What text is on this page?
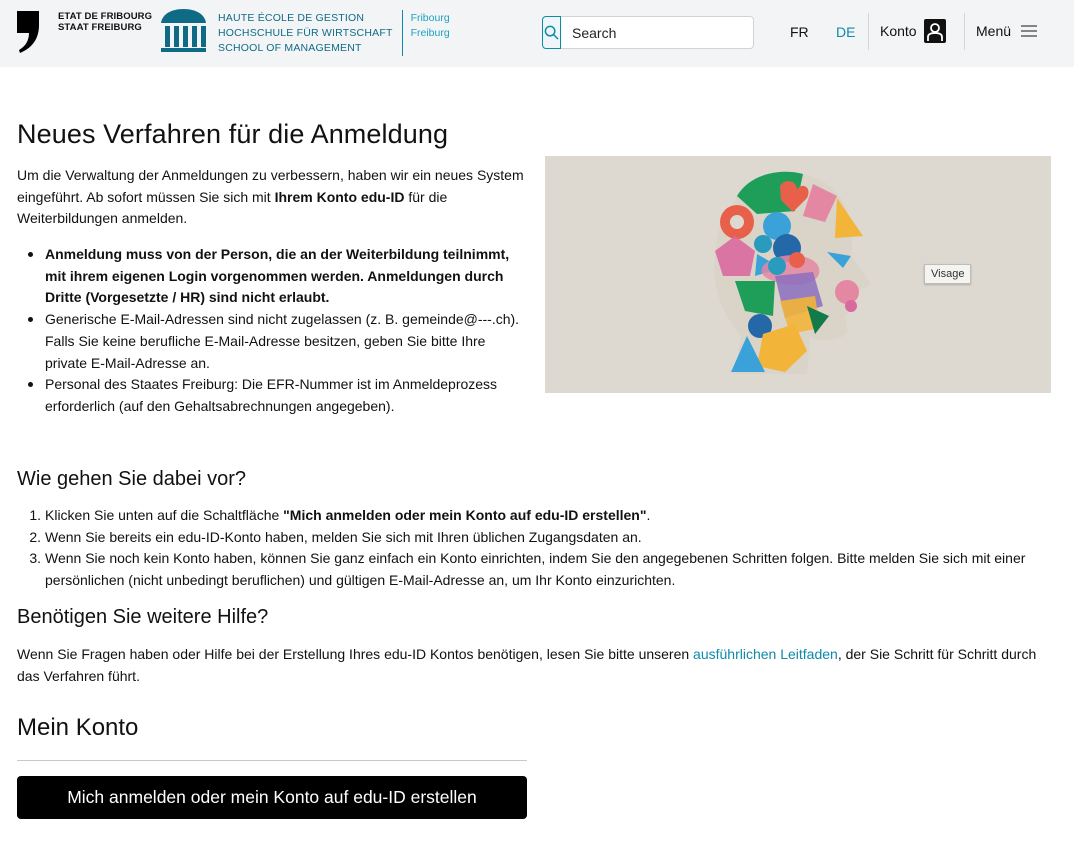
ETAT DE FRIBOURG
STAAT FREIBURG
HAUTE ÉCOLE DE GESTION
HOCHSCHULE FÜR WIRTSCHAFT
SCHOOL OF MANAGEMENT
Fribourg
Freiburg
Search	FR DE Konto	Menü
Neues Verfahren für die Anmeldung

Um die Verwaltung der Anmeldungen zu verbessern, haben wir ein neues System eingeführt. Ab sofort müssen Sie sich mit Ihrem Konto edu-ID für die Weiterbildungen anmelden.

Anmeldung muss von der Person, die an der Weiterbildung teilnimmt, mit ihrem eigenen Login vorgenommen werden. Anmeldungen durch Dritte (Vorgesetzte / HR) sind nicht erlaubt.
Generische E-Mail-Adressen sind nicht zugelassen (z. B. gemeinde@---.ch). Falls Sie keine berufliche E-Mail-Adresse besitzen, geben Sie bitte Ihre private E-Mail-Adresse an.
Personal des Staates Freiburg: Die EFR-Nummer ist im Anmeldeprozess erforderlich (auf den Gehaltsabrechnungen angegeben).
Visage
Wie gehen Sie dabei vor?
Klicken Sie unten auf die Schaltfläche "Mich anmelden oder mein Konto auf edu-ID erstellen".
Wenn Sie bereits ein edu-ID-Konto haben, melden Sie sich mit Ihren üblichen Zugangsdaten an.
Wenn Sie noch kein Konto haben, können Sie ganz einfach ein Konto einrichten, indem Sie den angegebenen Schritten folgen. Bitte melden Sie sich mit einer persönlichen (nicht unbedingt beruflichen) und gültigen E-Mail-Adresse an, um Ihr Konto einzurichten.
Benötigen Sie weitere Hilfe?

Wenn Sie Fragen haben oder Hilfe bei der Erstellung Ihres edu-ID Kontos benötigen, lesen Sie bitte unseren ausführlichen Leitfaden, der Sie Schritt für Schritt durch das Verfahren führt.

Mein Konto
Mich anmelden oder mein Konto auf edu-ID erstellen
